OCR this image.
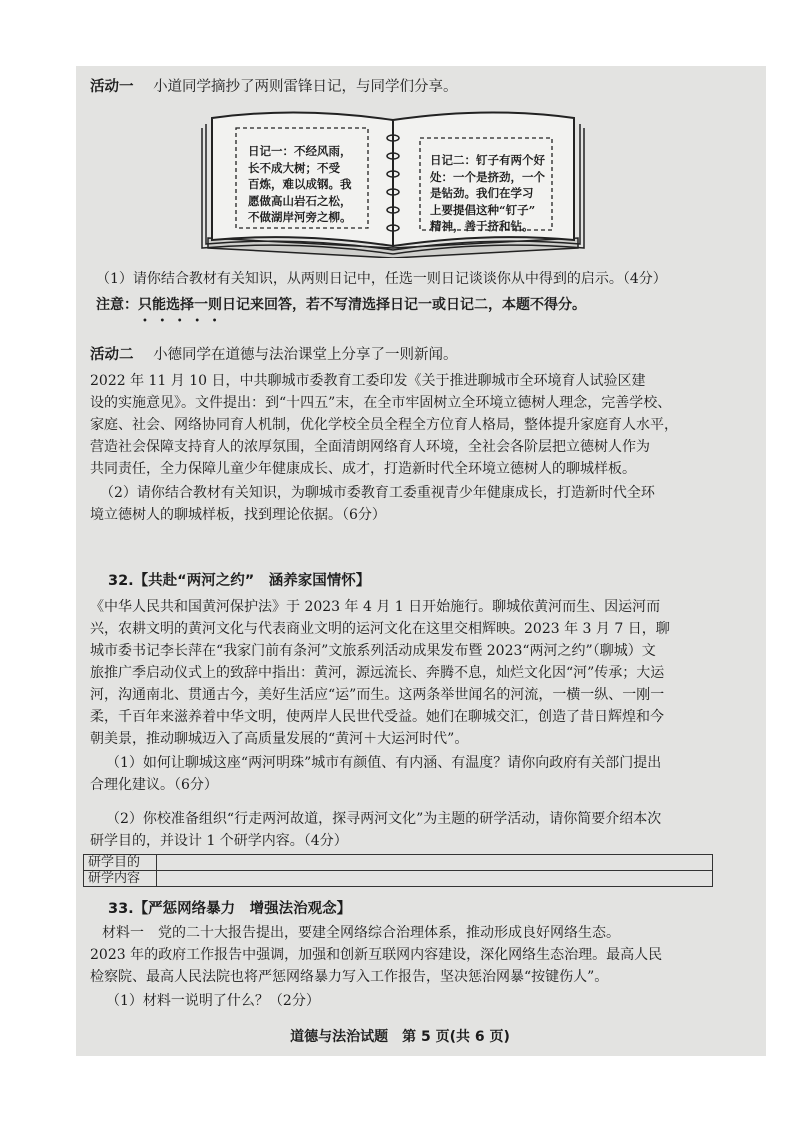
活动一　 小道同学摘抄了两则雷锋日记，与同学们分享。
日记一：不经风雨，
长不成大树；不受
百炼，难以成钢。我
愿做高山岩石之松，
不做湖岸河旁之柳。
日记二：钉子有两个好
处：一个是挤劲，一个
是钻劲。我们在学习
上要提倡这种“钉子”
精神，善于挤和钻。
（1）请你结合教材有关知识，从两则日记中，任选一则日记谈谈你从中得到的启示。（4分）
注意：只能选择一则日记来回答，若不写清选择日记一或日记二，本题不得分。
•••••
活动二　 小德同学在道德与法治课堂上分享了一则新闻。
2022 年 11 月 10 日，中共聊城市委教育工委印发《关于推进聊城市全环境育人试验区建
设的实施意见》。文件提出：到“十四五”末，在全市牢固树立全环境立德树人理念，完善学校、
家庭、社会、网络协同育人机制，优化学校全员全程全方位育人格局，整体提升家庭育人水平，
营造社会保障支持育人的浓厚氛围，全面清朗网络育人环境，全社会各阶层把立德树人作为
共同责任，全力保障儿童少年健康成长、成才，打造新时代全环境立德树人的聊城样板。
（2）请你结合教材有关知识，为聊城市委教育工委重视青少年健康成长，打造新时代全环
境立德树人的聊城样板，找到理论依据。（6分）
32.【共赴“两河之约”　涵养家国情怀】
《中华人民共和国黄河保护法》于 2023 年 4 月 1 日开始施行。聊城依黄河而生、因运河而
兴，农耕文明的黄河文化与代表商业文明的运河文化在这里交相辉映。2023 年 3 月 7 日，聊
城市委书记李长萍在“我家门前有条河”文旅系列活动成果发布暨 2023“两河之约”（聊城）文
旅推广季启动仪式上的致辞中指出：黄河，源远流长、奔腾不息，灿烂文化因“河”传承；大运
河，沟通南北、贯通古今，美好生活应“运”而生。这两条举世闻名的河流，一横一纵、一刚一
柔，千百年来滋养着中华文明，使两岸人民世代受益。她们在聊城交汇，创造了昔日辉煌和今
朝美景，推动聊城迈入了高质量发展的“黄河＋大运河时代”。
（1）如何让聊城这座“两河明珠”城市有颜值、有内涵、有温度？请你向政府有关部门提出
合理化建议。（6分）
（2）你校准备组织“行走两河故道，探寻两河文化”为主题的研学活动，请你简要介绍本次
研学目的，并设计 1 个研学内容。（4分）
研学目的	
研学内容	
33.【严惩网络暴力　增强法治观念】
材料一　党的二十大报告提出，要建全网络综合治理体系，推动形成良好网络生态。
2023 年的政府工作报告中强调，加强和创新互联网内容建设，深化网络生态治理。最高人民
检察院、最高人民法院也将严惩网络暴力写入工作报告，坚决惩治网暴“按键伤人”。
（1）材料一说明了什么？（2分）
道德与法治试题　第 5 页(共 6 页)
